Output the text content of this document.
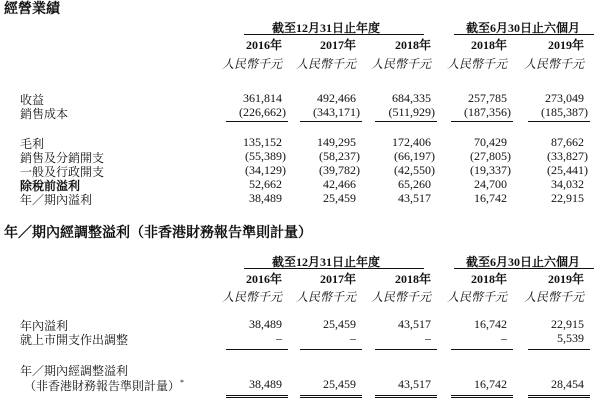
經營業績
截至12月31日止年度	截至6月30日止六個月
2016年	2017年	2018年	2018年	2019年
人民幣千元	人民幣千元	人民幣千元	人民幣千元	人民幣千元
收益	361,814	492,466	684,335	257,785	273,049
銷售成本	(226,662)	(343,171)	(511,929)	(187,356)	(185,387)
毛利	135,152	149,295	172,406	70,429	87,662
銷售及分銷開支	(55,389)	(58,237)	(66,197)	(27,805)	(33,827)
一般及行政開支	(34,129)	(39,782)	(42,550)	(19,337)	(25,441)
除稅前溢利	52,662	42,466	65,260	24,700	34,032
年／期內溢利	38,489	25,459	43,517	16,742	22,915
年／期內經調整溢利（非香港財務報告準則計量）
截至12月31日止年度	截至6月30日止六個月
2016年	2017年	2018年	2018年	2019年
人民幣千元	人民幣千元	人民幣千元	人民幣千元	人民幣千元
年內溢利	38,489	25,459	43,517	16,742	22,915
就上市開支作出調整	–	–	–	–	5,539
年／期內經調整溢利
（非香港財務報告準則計量）*	38,489	25,459	43,517	16,742	28,454
